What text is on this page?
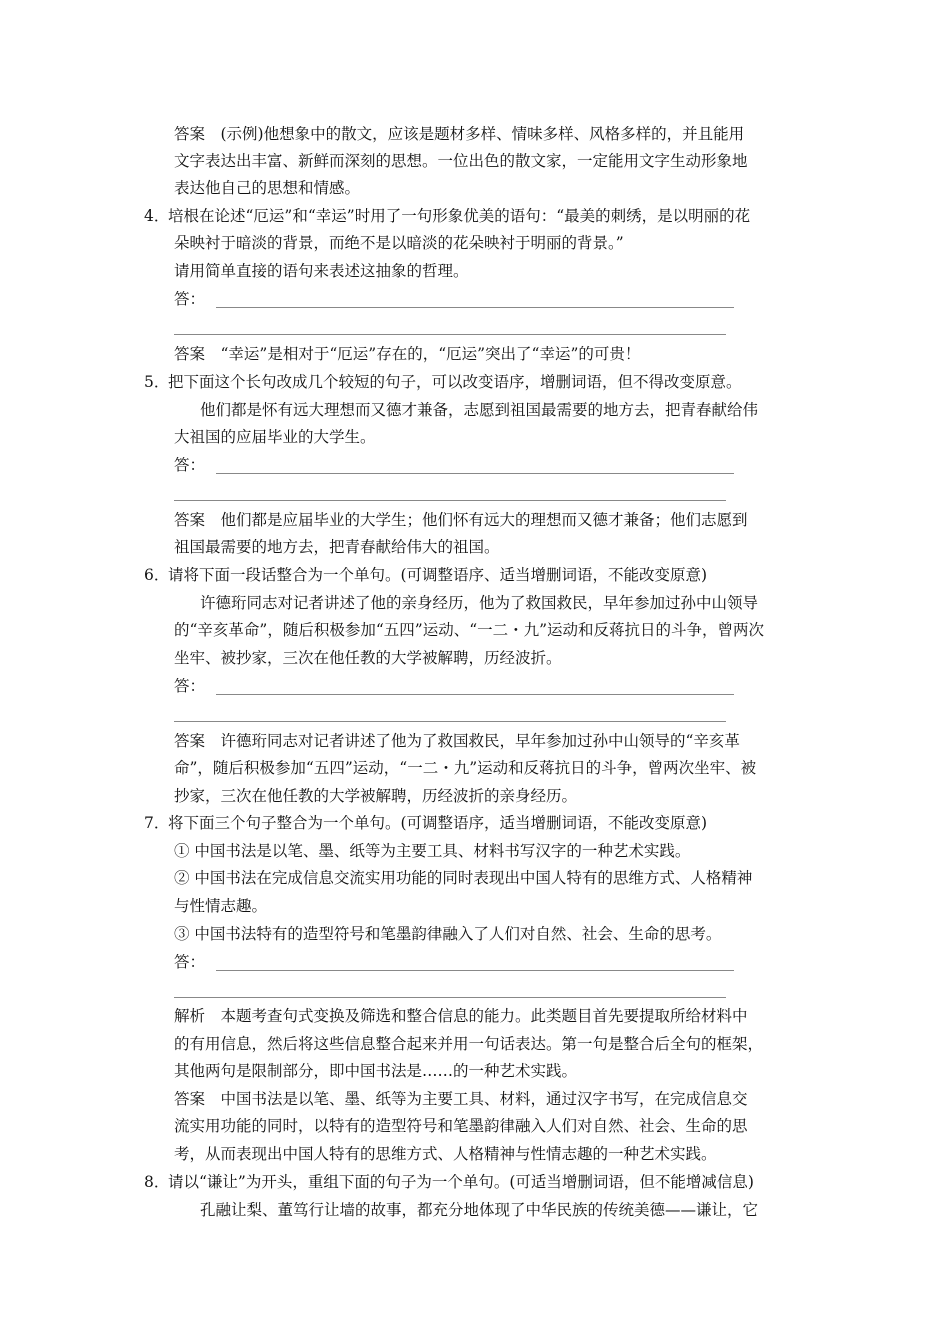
答案　(示例)他想象中的散文，应该是题材多样、情味多样、风格多样的，并且能用
文字表达出丰富、新鲜而深刻的思想。一位出色的散文家，一定能用文字生动形象地
表达他自己的思想和情感。
4．
培根在论述“厄运”和“幸运”时用了一句形象优美的语句：“最美的刺绣，是以明丽的花
朵映衬于暗淡的背景，而绝不是以暗淡的花朵映衬于明丽的背景。”
请用简单直接的语句来表述这抽象的哲理。
答：
答案　“幸运”是相对于“厄运”存在的，“厄运”突出了“幸运”的可贵！
5．
把下面这个长句改成几个较短的句子，可以改变语序，增删词语，但不得改变原意。
他们都是怀有远大理想而又德才兼备，志愿到祖国最需要的地方去，把青春献给伟
大祖国的应届毕业的大学生。
答：
答案　他们都是应届毕业的大学生；他们怀有远大的理想而又德才兼备；他们志愿到
祖国最需要的地方去，把青春献给伟大的祖国。
6．
请将下面一段话整合为一个单句。(可调整语序、适当增删词语，不能改变原意)
许德珩同志对记者讲述了他的亲身经历，他为了救国救民，早年参加过孙中山领导
的“辛亥革命”，随后积极参加“五四”运动、“一二・九”运动和反蒋抗日的斗争，曾两次
坐牢、被抄家，三次在他任教的大学被解聘，历经波折。
答：
答案　许德珩同志对记者讲述了他为了救国救民，早年参加过孙中山领导的“辛亥革
命”，随后积极参加“五四”运动，“一二・九”运动和反蒋抗日的斗争，曾两次坐牢、被
抄家，三次在他任教的大学被解聘，历经波折的亲身经历。
7．
将下面三个句子整合为一个单句。(可调整语序，适当增删词语，不能改变原意)
① 中国书法是以笔、墨、纸等为主要工具、材料书写汉字的一种艺术实践。
② 中国书法在完成信息交流实用功能的同时表现出中国人特有的思维方式、人格精神
与性情志趣。
③ 中国书法特有的造型符号和笔墨韵律融入了人们对自然、社会、生命的思考。
答：
解析　本题考查句式变换及筛选和整合信息的能力。此类题目首先要提取所给材料中
的有用信息，然后将这些信息整合起来并用一句话表达。第一句是整合后全句的框架，
其他两句是限制部分，即中国书法是……的一种艺术实践。
答案　中国书法是以笔、墨、纸等为主要工具、材料，通过汉字书写，在完成信息交
流实用功能的同时，以特有的造型符号和笔墨韵律融入人们对自然、社会、生命的思
考，从而表现出中国人特有的思维方式、人格精神与性情志趣的一种艺术实践。
8．
请以“谦让”为开头，重组下面的句子为一个单句。(可适当增删词语，但不能增减信息)
孔融让梨、董笃行让墙的故事，都充分地体现了中华民族的传统美德——谦让，它
